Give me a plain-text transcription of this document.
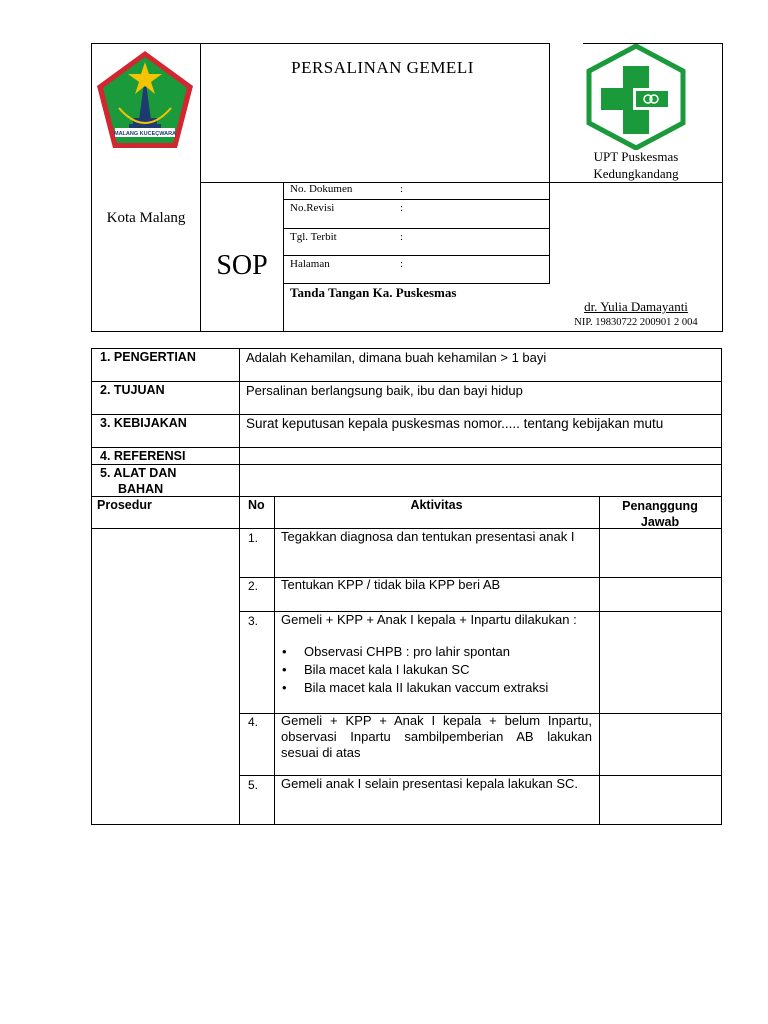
MALANG KUCEÇWARA
PERSALINAN GEMELI
Kota Malang
SOP
UPT Puskesmas Kedungkandang
No. Dokumen	:
No.Revisi	:
Tgl. Terbit	:
Halaman	:
Tanda Tangan Ka. Puskesmas
dr. Yulia Damayanti
NIP. 19830722 200901 2 004
1. PENGERTIAN	Adalah Kehamilan, dimana buah kehamilan > 1 bayi
2. TUJUAN	Persalinan berlangsung baik, ibu dan bayi hidup
3. KEBIJAKAN	Surat keputusan kepala puskesmas nomor..... tentang kebijakan mutu
4. REFERENSI
5. ALAT DAN
BAHAN
Prosedur	No	Aktivitas	Penanggung Jawab
1. Tegakkan diagnosa dan tentukan presentasi anak I
2. Tentukan KPP / tidak bila KPP beri AB
3. Gemeli + KPP + Anak I kepala + Inpartu dilakukan :
• Observasi CHPB : pro lahir spontan
• Bila macet kala I lakukan SC
• Bila macet kala II lakukan vaccum extraksi
4. Gemeli + KPP + Anak I kepala + belum Inpartu, observasi Inpartu sambilpemberian AB lakukan sesuai di atas
5. Gemeli anak I selain presentasi kepala lakukan SC.
